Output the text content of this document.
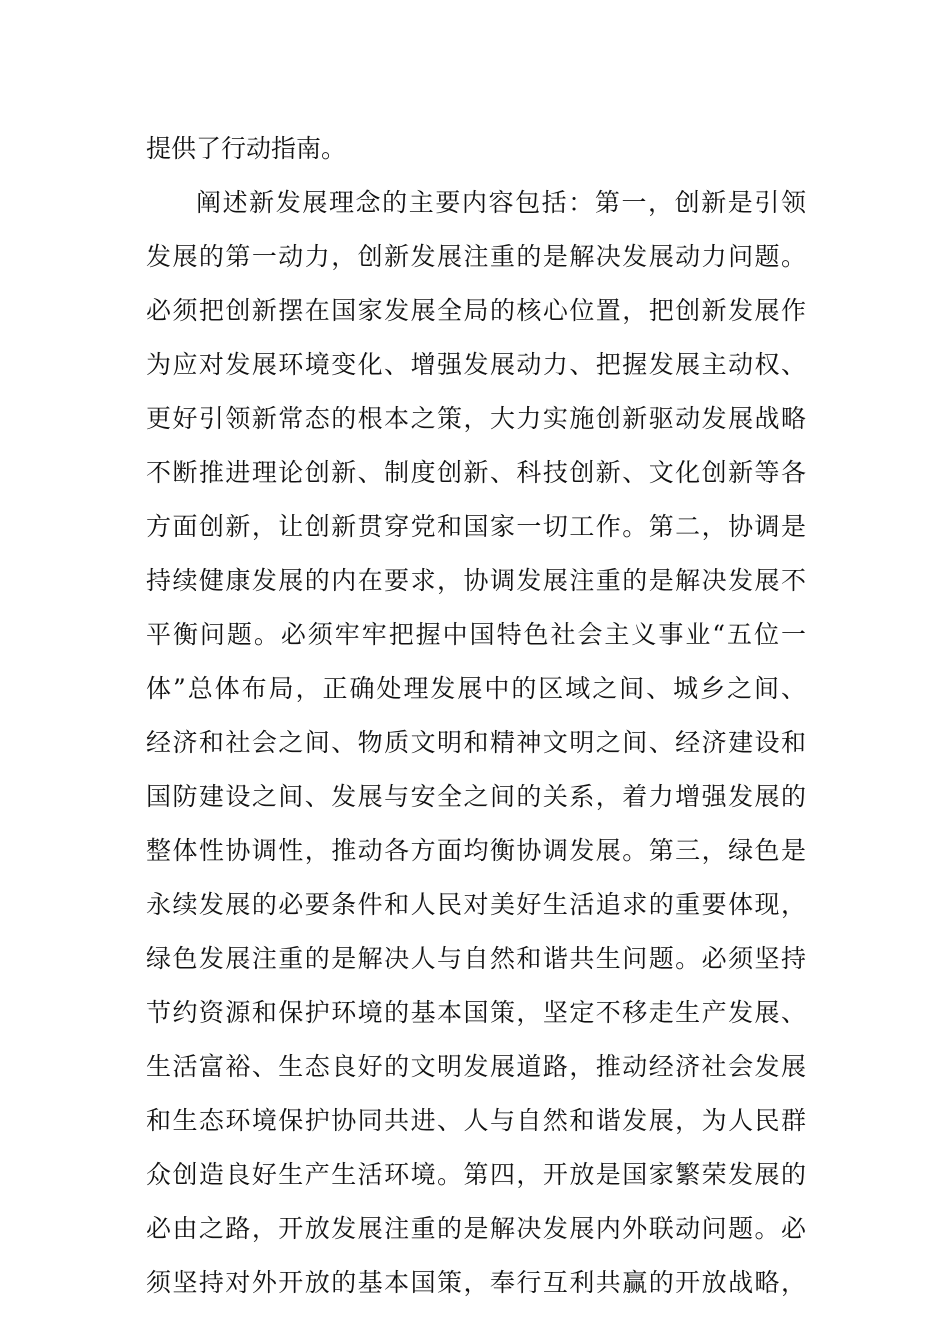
提供了行动指南。
阐述新发展理念的主要内容包括：第一，创新是引领
发展的第一动力，创新发展注重的是解决发展动力问题。
必须把创新摆在国家发展全局的核心位置，把创新发展作
为应对发展环境变化、增强发展动力、把握发展主动权、
更好引领新常态的根本之策，大力实施创新驱动发展战略
不断推进理论创新、制度创新、科技创新、文化创新等各
方面创新，让创新贯穿党和国家一切工作。第二，协调是
持续健康发展的内在要求，协调发展注重的是解决发展不
平衡问题。必须牢牢把握中国特色社会主义事业“五位一
体”总体布局，正确处理发展中的区域之间、城乡之间、
经济和社会之间、物质文明和精神文明之间、经济建设和
国防建设之间、发展与安全之间的关系，着力增强发展的
整体性协调性，推动各方面均衡协调发展。第三，绿色是
永续发展的必要条件和人民对美好生活追求的重要体现，
绿色发展注重的是解决人与自然和谐共生问题。必须坚持
节约资源和保护环境的基本国策，坚定不移走生产发展、
生活富裕、生态良好的文明发展道路，推动经济社会发展
和生态环境保护协同共进、人与自然和谐发展，为人民群
众创造良好生产生活环境。第四，开放是国家繁荣发展的
必由之路，开放发展注重的是解决发展内外联动问题。必
须坚持对外开放的基本国策，奉行互利共赢的开放战略，
